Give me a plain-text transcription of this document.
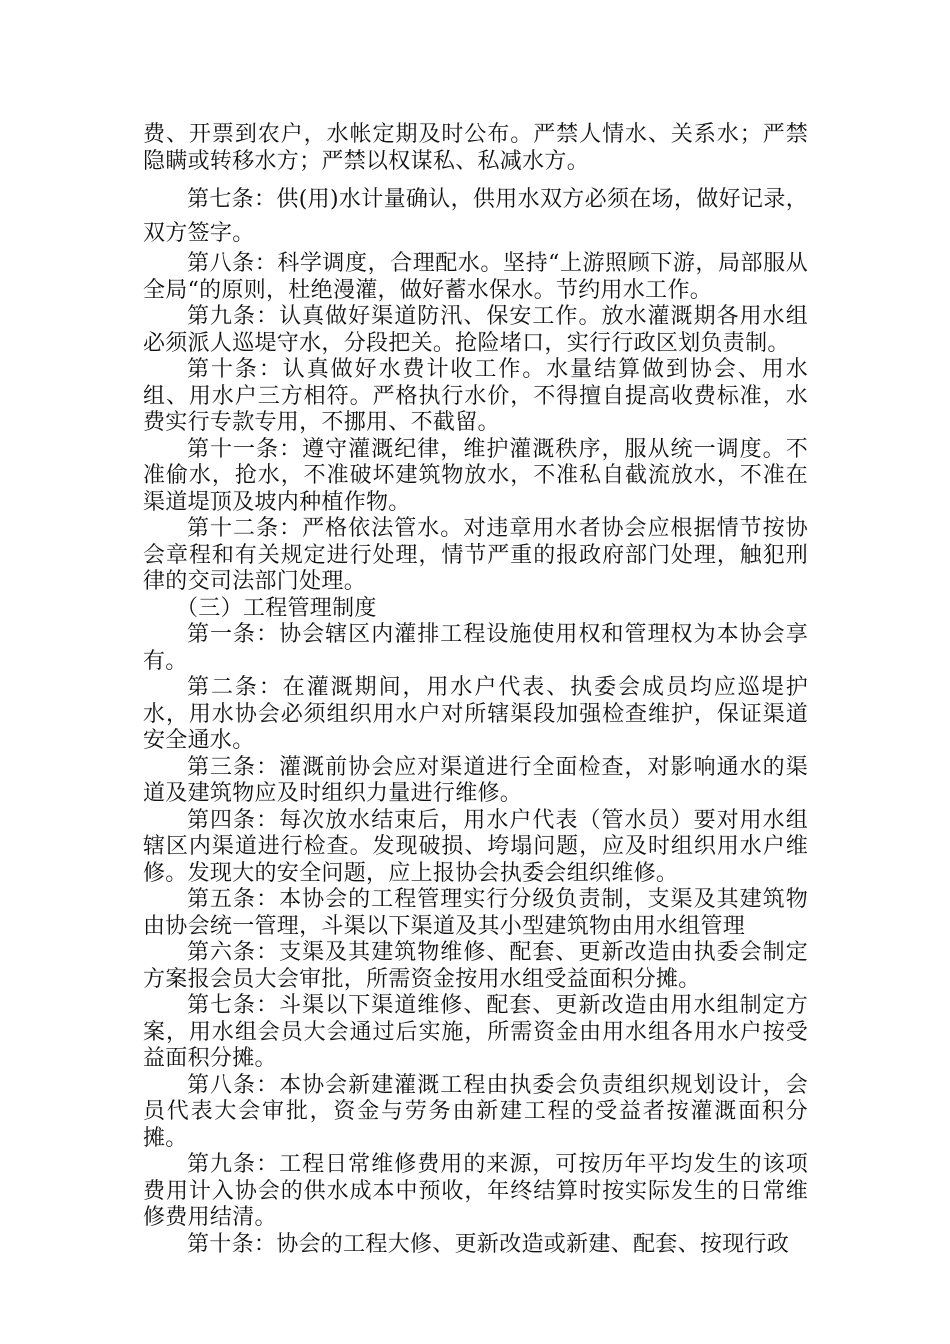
费、开票到农户，水帐定期及时公布。严禁人情水、关系水；严禁隐瞒或转移水方；严禁以权谋私、私减水方。

第七条：供(用)水计量确认，供用水双方必须在场，做好记录，双方签字。

第八条：科学调度，合理配水。坚持“上游照顾下游，局部服从全局“的原则，杜绝漫灌，做好蓄水保水。节约用水工作。

第九条：认真做好渠道防汛、保安工作。放水灌溉期各用水组必须派人巡堤守水，分段把关。抢险堵口，实行行政区划负责制。

第十条：认真做好水费计收工作。水量结算做到协会、用水组、用水户三方相符。严格执行水价，不得擅自提高收费标准，水费实行专款专用，不挪用、不截留。

第十一条：遵守灌溉纪律，维护灌溉秩序，服从统一调度。不准偷水，抢水，不准破坏建筑物放水，不准私自截流放水，不准在渠道堤顶及坡内种植作物。

第十二条：严格依法管水。对违章用水者协会应根据情节按协会章程和有关规定进行处理，情节严重的报政府部门处理，触犯刑律的交司法部门处理。

（三）工程管理制度

第一条：协会辖区内灌排工程设施使用权和管理权为本协会享有。

第二条：在灌溉期间，用水户代表、执委会成员均应巡堤护水，用水协会必须组织用水户对所辖渠段加强检查维护，保证渠道安全通水。

第三条：灌溉前协会应对渠道进行全面检查，对影响通水的渠道及建筑物应及时组织力量进行维修。

第四条：每次放水结束后，用水户代表（管水员）要对用水组辖区内渠道进行检查。发现破损、垮塌问题，应及时组织用水户维修。发现大的安全问题，应上报协会执委会组织维修。

第五条：本协会的工程管理实行分级负责制，支渠及其建筑物由协会统一管理，斗渠以下渠道及其小型建筑物由用水组管理

第六条：支渠及其建筑物维修、配套、更新改造由执委会制定方案报会员大会审批，所需资金按用水组受益面积分摊。

第七条：斗渠以下渠道维修、配套、更新改造由用水组制定方案，用水组会员大会通过后实施，所需资金由用水组各用水户按受益面积分摊。

第八条：本协会新建灌溉工程由执委会负责组织规划设计，会员代表大会审批，资金与劳务由新建工程的受益者按灌溉面积分摊。

第九条：工程日常维修费用的来源，可按历年平均发生的该项费用计入协会的供水成本中预收，年终结算时按实际发生的日常维修费用结清。

第十条：协会的工程大修、更新改造或新建、配套、按现行政
